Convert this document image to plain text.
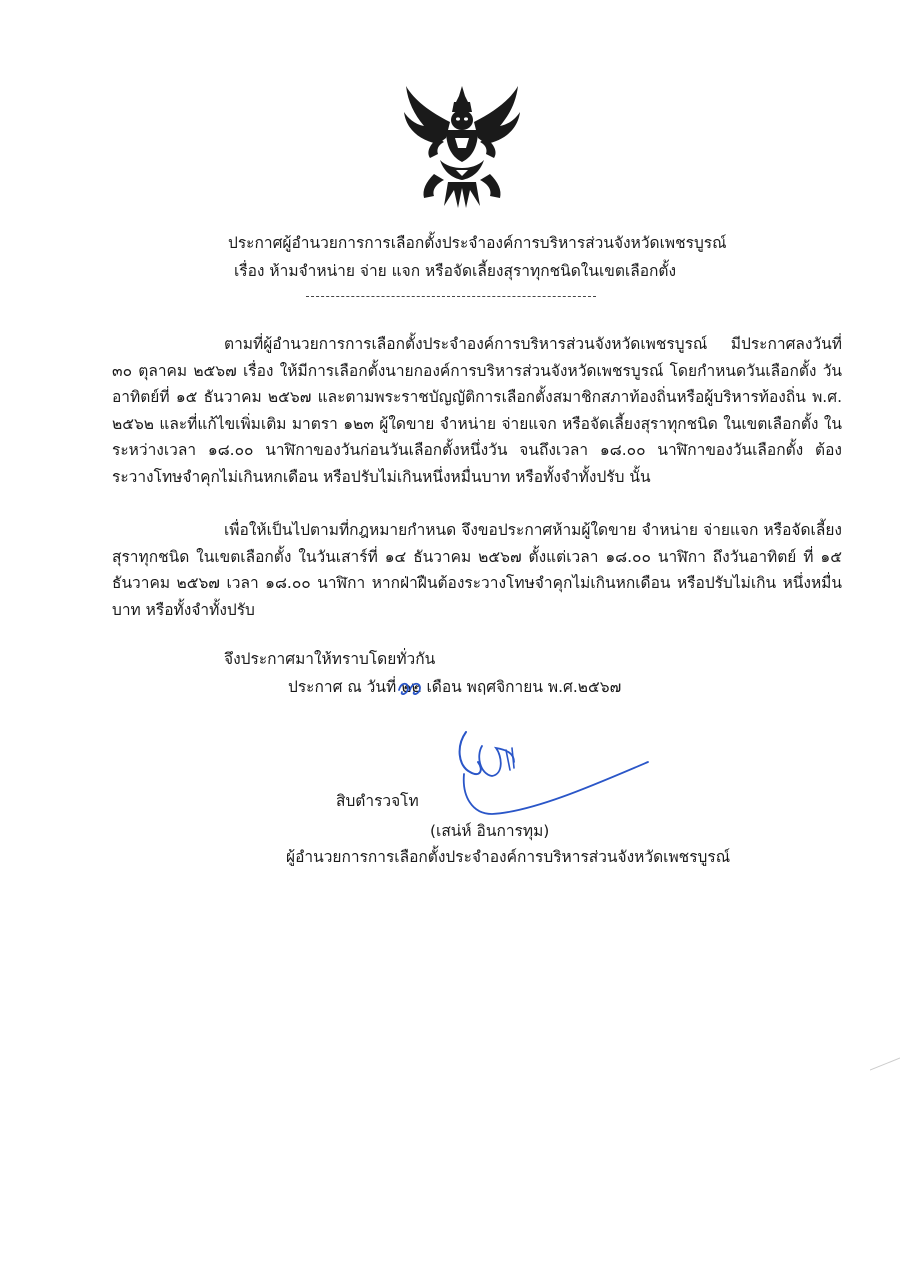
ประกาศผู้อำนวยการการเลือกตั้งประจำองค์การบริหารส่วนจังหวัดเพชรบูรณ์
เรื่อง ห้ามจำหน่าย จ่าย แจก หรือจัดเลี้ยงสุราทุกชนิดในเขตเลือกตั้ง
ตามที่ผู้อำนวยการการเลือกตั้งประจำองค์การบริหารส่วนจังหวัดเพชรบูรณ์ มีประกาศลงวันที่ ๓๐ ตุลาคม ๒๕๖๗ เรื่อง ให้มีการเลือกตั้งนายกองค์การบริหารส่วนจังหวัดเพชรบูรณ์ โดยกำหนดวันเลือกตั้ง วันอาทิตย์ที่ ๑๕ ธันวาคม ๒๕๖๗ และตามพระราชบัญญัติการเลือกตั้งสมาชิกสภาท้องถิ่นหรือผู้บริหารท้องถิ่น พ.ศ. ๒๕๖๒ และที่แก้ไขเพิ่มเติม มาตรา ๑๒๓ ผู้ใดขาย จำหน่าย จ่ายแจก หรือจัดเลี้ยงสุราทุกชนิด ในเขตเลือกตั้ง ในระหว่างเวลา ๑๘.๐๐ นาฬิกาของวันก่อนวันเลือกตั้งหนึ่งวัน จนถึงเวลา ๑๘.๐๐ นาฬิกาของวันเลือกตั้ง ต้องระวางโทษจำคุกไม่เกินหกเดือน หรือปรับไม่เกินหนึ่งหมื่นบาท หรือทั้งจำทั้งปรับ นั้น
เพื่อให้เป็นไปตามที่กฎหมายกำหนด จึงขอประกาศห้ามผู้ใดขาย จำหน่าย จ่ายแจก หรือจัดเลี้ยง สุราทุกชนิด ในเขตเลือกตั้ง ในวันเสาร์ที่ ๑๔ ธันวาคม ๒๕๖๗ ตั้งแต่เวลา ๑๘.๐๐ นาฬิกา ถึงวันอาทิตย์ ที่ ๑๕ ธันวาคม ๒๕๖๗ เวลา ๑๘.๐๐ นาฬิกา หากฝ่าฝืนต้องระวางโทษจำคุกไม่เกินหกเดือน หรือปรับไม่เกิน หนึ่งหมื่นบาท หรือทั้งจำทั้งปรับ
จึงประกาศมาให้ทราบโดยทั่วกัน
ประกาศ ณ วันที่ ๒๒ เดือน พฤศจิกายน พ.ศ.๒๕๖๗
สิบตำรวจโท
(เสน่ห์ อินการทุม)
ผู้อำนวยการการเลือกตั้งประจำองค์การบริหารส่วนจังหวัดเพชรบูรณ์
